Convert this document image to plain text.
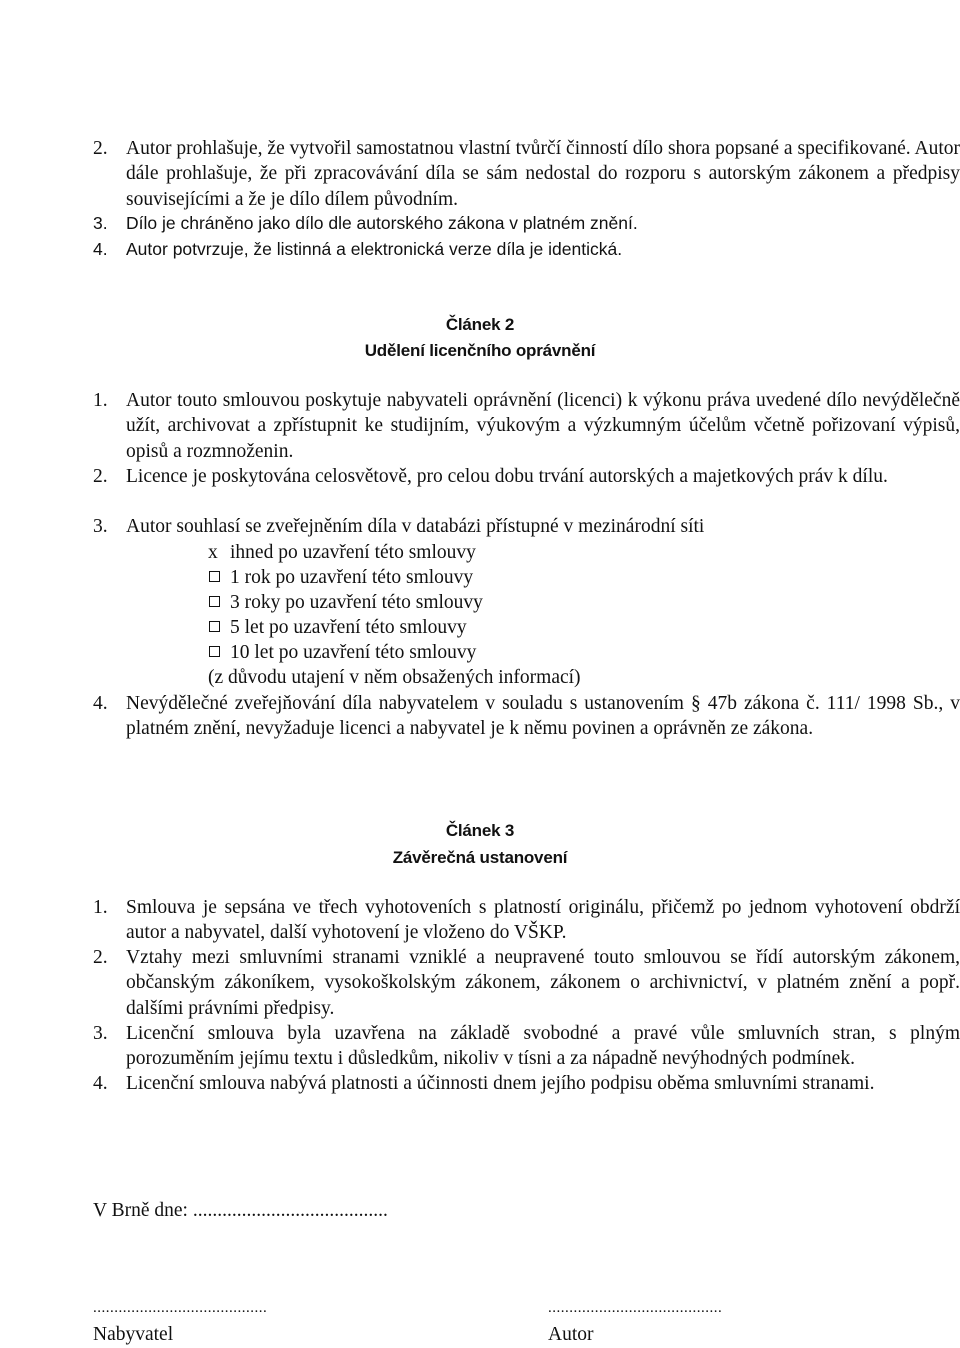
2. Autor prohlašuje, že vytvořil samostatnou vlastní tvůrčí činností dílo shora popsané a specifikované. Autor dále prohlašuje, že při zpracovávání díla se sám nedostal do rozporu s autorským zákonem a předpisy souvisejícími a že je dílo dílem původním.
3. Dílo je chráněno jako dílo dle autorského zákona v platném znění.
4. Autor potvrzuje, že listinná a elektronická verze díla je identická.
Článek 2
Udělení licenčního oprávnění
1. Autor touto smlouvou poskytuje nabyvateli oprávnění (licenci) k výkonu práva uvedené dílo nevýdělečně užít, archivovat a zpřístupnit ke studijním, výukovým a výzkumným účelům včetně pořizovaní výpisů, opisů a rozmnoženin.
2. Licence je poskytována celosvětově, pro celou dobu trvání autorských a majetkových práv k dílu.
3. Autor souhlasí se zveřejněním díla v databázi přístupné v mezinárodní síti
x ihned po uzavření této smlouvy
1 rok po uzavření této smlouvy
3 roky po uzavření této smlouvy
5 let po uzavření této smlouvy
10 let po uzavření této smlouvy
(z důvodu utajení v něm obsažených informací)
4. Nevýdělečné zveřejňování díla nabyvatelem v souladu s ustanovením § 47b zákona č. 111/ 1998 Sb., v platném znění, nevyžaduje licenci a nabyvatel je k němu povinen a oprávněn ze zákona.
Článek 3
Závěrečná ustanovení
1. Smlouva je sepsána ve třech vyhotoveních s platností originálu, přičemž po jednom vyhotovení obdrží autor a nabyvatel, další vyhotovení je vloženo do VŠKP.
2. Vztahy mezi smluvními stranami vzniklé a neupravené touto smlouvou se řídí autorským zákonem, občanským zákoníkem, vysokoškolským zákonem, zákonem o archivnictví, v platném znění a popř. dalšími právními předpisy.
3. Licenční smlouva byla uzavřena na základě svobodné a pravé vůle smluvních stran, s plným porozuměním jejímu textu i důsledkům, nikoliv v tísni a za nápadně nevýhodných podmínek.
4. Licenční smlouva nabývá platnosti a účinnosti dnem jejího podpisu oběma smluvními stranami.
V Brně dne: ........................................
.........................................	.........................................
Nabyvatel	Autor
